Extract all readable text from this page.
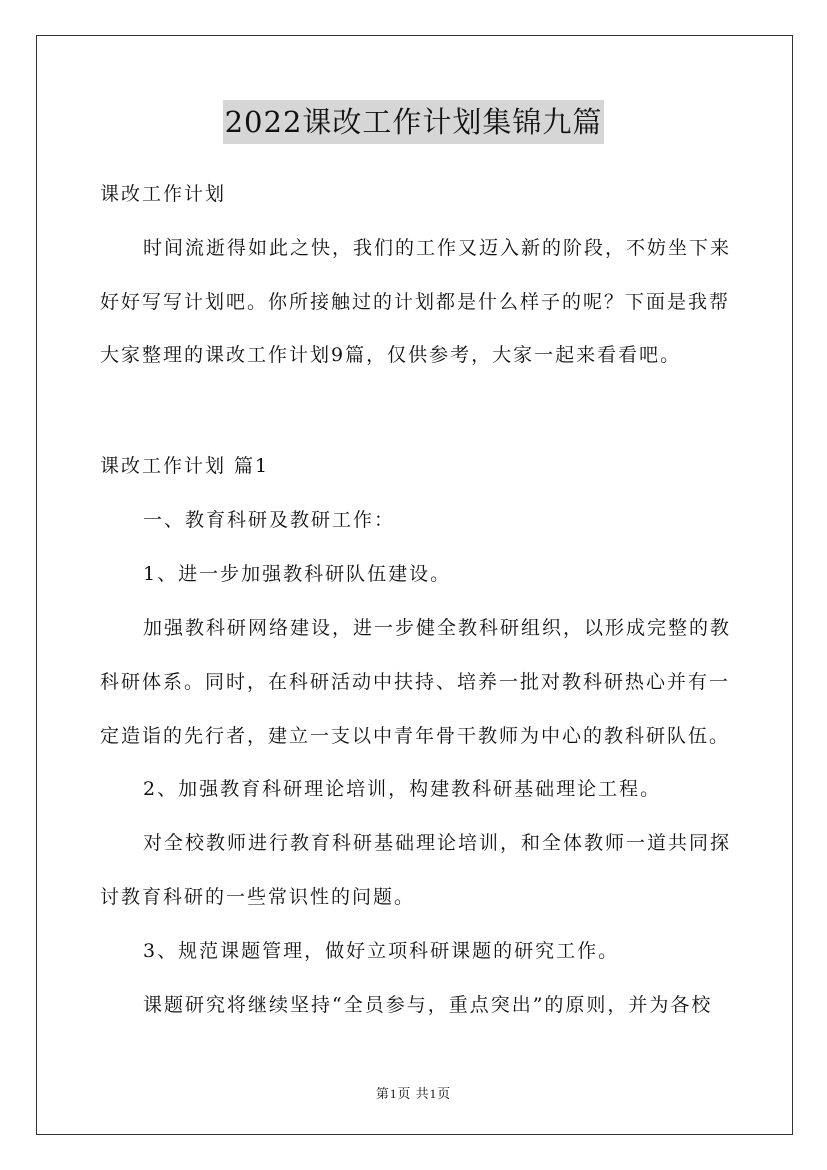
2022课改工作计划集锦九篇
课改工作计划
时间流逝得如此之快，我们的工作又迈入新的阶段，不妨坐下来
好好写写计划吧。你所接触过的计划都是什么样子的呢？下面是我帮
大家整理的课改工作计划9篇，仅供参考，大家一起来看看吧。
课改工作计划 篇1
一、教育科研及教研工作：
1、进一步加强教科研队伍建设。
加强教科研网络建设，进一步健全教科研组织，以形成完整的教
科研体系。同时，在科研活动中扶持、培养一批对教科研热心并有一
定造诣的先行者，建立一支以中青年骨干教师为中心的教科研队伍。
2、加强教育科研理论培训，构建教科研基础理论工程。
对全校教师进行教育科研基础理论培训，和全体教师一道共同探
讨教育科研的一些常识性的问题。
3、规范课题管理，做好立项科研课题的研究工作。
课题研究将继续坚持“全员参与，重点突出”的原则，并为各校
第1页 共1页
